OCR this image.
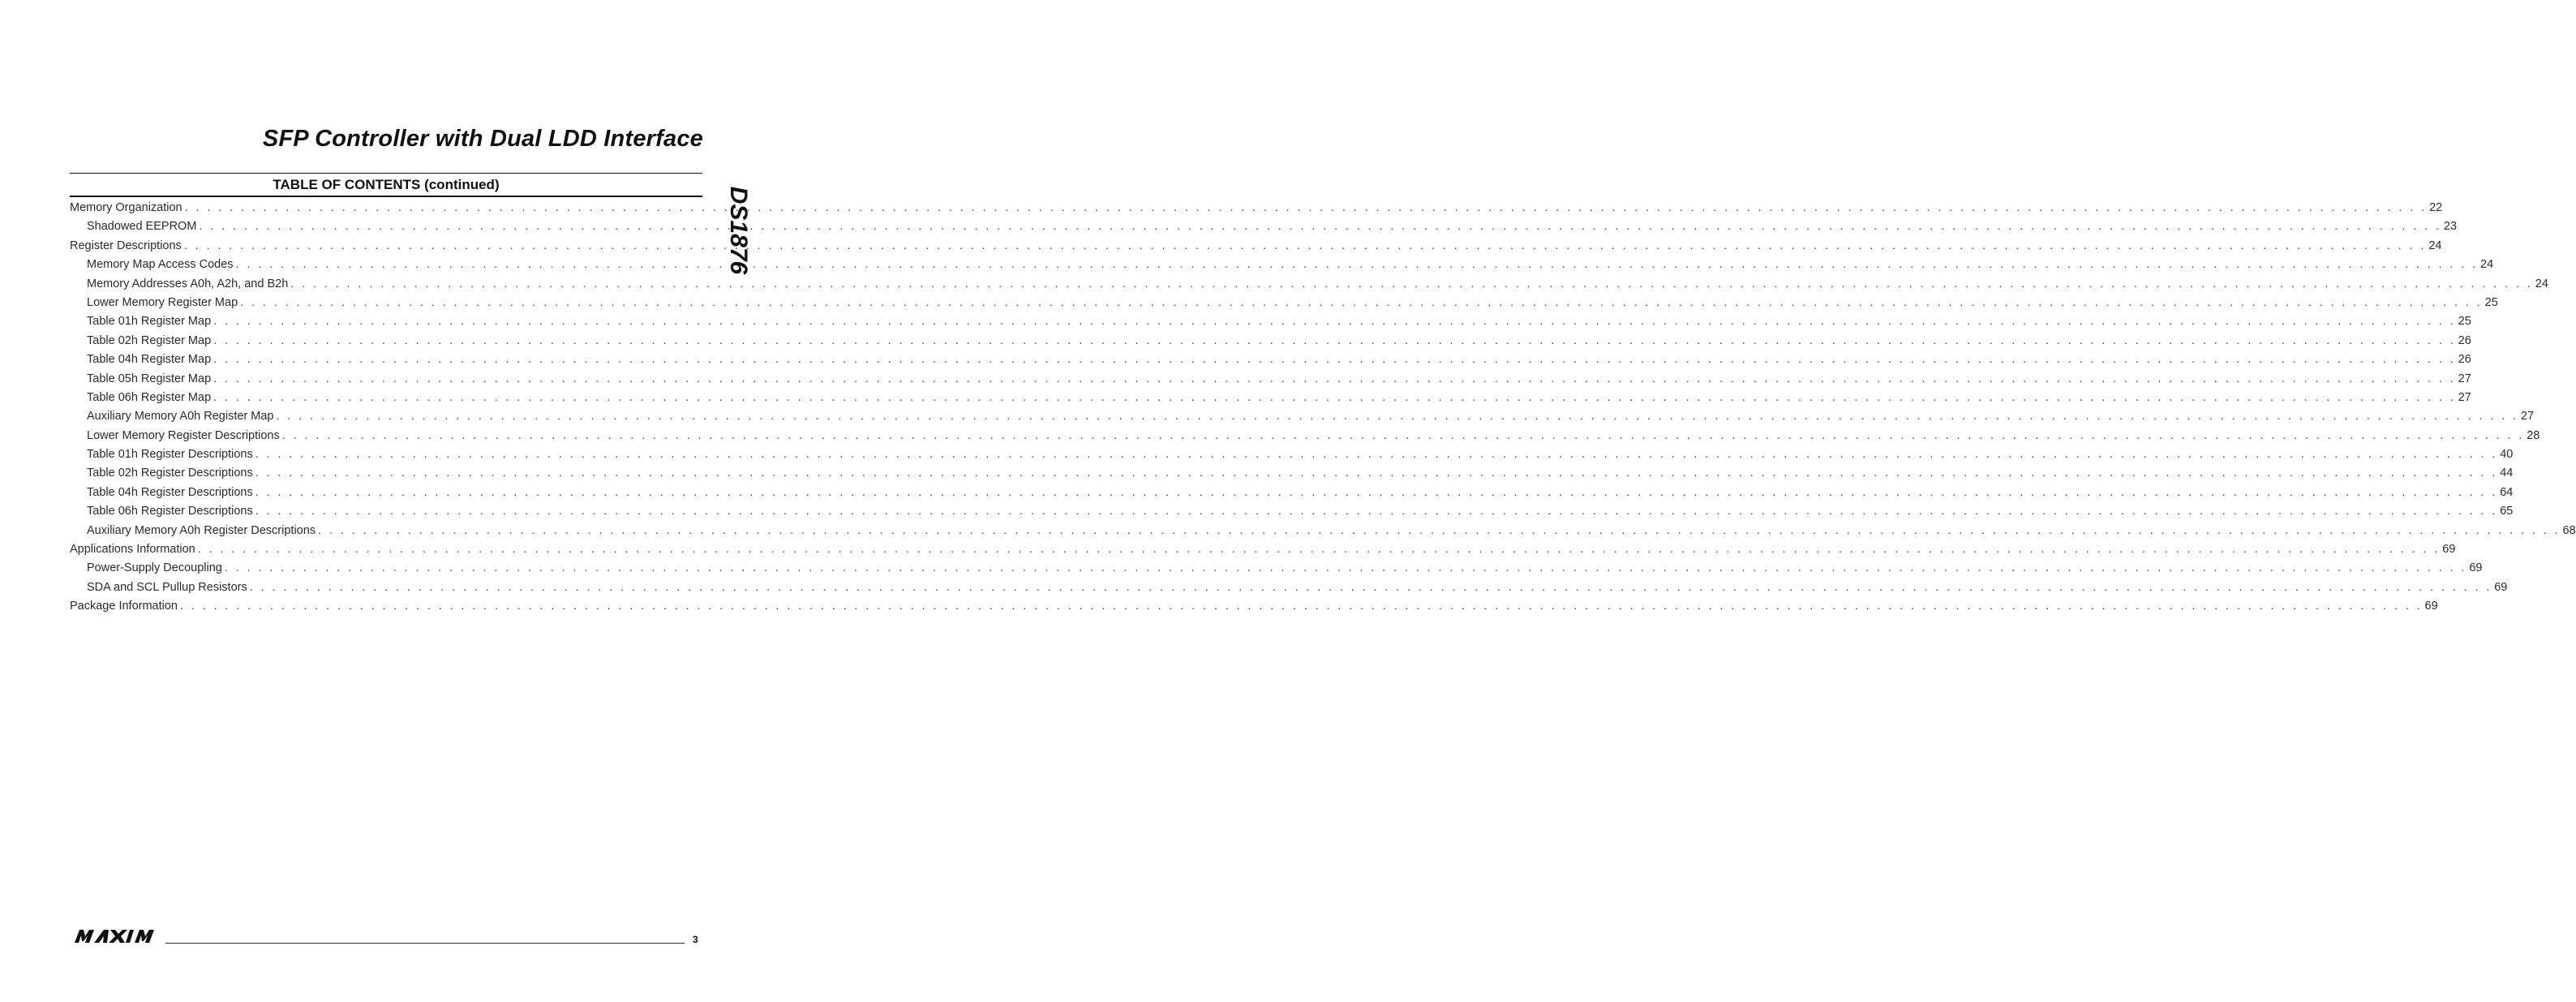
SFP Controller with Dual LDD Interface
DS1876
TABLE OF CONTENTS (continued)
Memory Organization . . . . . . . . . . . . . . . . . . . . . . . . . . . . . . . . . . . . . . . . . . . . . . . . . . . . . . . . . . . . . . . . . . . . . . . . . . . . . . . . . . . . . . . . . . . . . . . . . . . . . . . . . . . . . . . . . . . . . . . . . . . . . . . . . . . . . . . . . . . . . . . . . . . . . . . . . . . . . . . . . . . . . . . . . . . . . . . . . . . . . . . . . . . . . . . . . . . . . . . . 22
Shadowed EEPROM . . . . . . . . . . . . . . . . . . . . . . . . . . . . . . . . . . . . . . . . . . . . . . . . . . . . . . . . . . . . . . . . . . . . . . . . . . . . . . . . . . . . . . . . . . . . . . . . . . . . . . . . . . . . . . . . . . . . . . . . . . . . . . . . . . . . . . . . . . . . . . . . . . . . . . . . . . . . . . . . . . . . . . . . . . . . . . . . . . . . . . . . . . . . . . . . . . . . . . . . 23
Register Descriptions . . . . . . . . . . . . . . . . . . . . . . . . . . . . . . . . . . . . . . . . . . . . . . . . . . . . . . . . . . . . . . . . . . . . . . . . . . . . . . . . . . . . . . . . . . . . . . . . . . . . . . . . . . . . . . . . . . . . . . . . . . . . . . . . . . . . . . . . . . . . . . . . . . . . . . . . . . . . . . . . . . . . . . . . . . . . . . . . . . . . . . . . . . . . . . . . . . . . . . . . 24
Memory Map Access Codes . . . . . . . . . . . . . . . . . . . . . . . . . . . . . . . . . . . . . . . . . . . . . . . . . . . . . . . . . . . . . . . . . . . . . . . . . . . . . . . . . . . . . . . . . . . . . . . . . . . . . . . . . . . . . . . . . . . . . . . . . . . . . . . . . . . . . . . . . . . . . . . . . . . . . . . . . . . . . . . . . . . . . . . . . . . . . . . . . . . . . . . . . . . . . . . . . . . . . . . . 24
Memory Addresses A0h, A2h, and B2h . . . . . . . . . . . . . . . . . . . . . . . . . . . . . . . . . . . . . . . . . . . . . . . . . . . . . . . . . . . . . . . . . . . . . . . . . . . . . . . . . . . . . . . . . . . . . . . . . . . . . . . . . . . . . . . . . . . . . . . . . . . . . . . . . . . . . . . . . . . . . . . . . . . . . . . . . . . . . . . . . . . . . . . . . . . . . . . . . . . . . . . . . . . . . . . . . . . . . . . . 24
Lower Memory Register Map . . . . . . . . . . . . . . . . . . . . . . . . . . . . . . . . . . . . . . . . . . . . . . . . . . . . . . . . . . . . . . . . . . . . . . . . . . . . . . . . . . . . . . . . . . . . . . . . . . . . . . . . . . . . . . . . . . . . . . . . . . . . . . . . . . . . . . . . . . . . . . . . . . . . . . . . . . . . . . . . . . . . . . . . . . . . . . . . . . . . . . . . . . . . . . . . . . . . . . . . 25
Table 01h Register Map . . . . . . . . . . . . . . . . . . . . . . . . . . . . . . . . . . . . . . . . . . . . . . . . . . . . . . . . . . . . . . . . . . . . . . . . . . . . . . . . . . . . . . . . . . . . . . . . . . . . . . . . . . . . . . . . . . . . . . . . . . . . . . . . . . . . . . . . . . . . . . . . . . . . . . . . . . . . . . . . . . . . . . . . . . . . . . . . . . . . . . . . . . . . . . . . . . . . . . . . 25
Table 02h Register Map . . . . . . . . . . . . . . . . . . . . . . . . . . . . . . . . . . . . . . . . . . . . . . . . . . . . . . . . . . . . . . . . . . . . . . . . . . . . . . . . . . . . . . . . . . . . . . . . . . . . . . . . . . . . . . . . . . . . . . . . . . . . . . . . . . . . . . . . . . . . . . . . . . . . . . . . . . . . . . . . . . . . . . . . . . . . . . . . . . . . . . . . . . . . . . . . . . . . . . . . 26
Table 04h Register Map . . . . . . . . . . . . . . . . . . . . . . . . . . . . . . . . . . . . . . . . . . . . . . . . . . . . . . . . . . . . . . . . . . . . . . . . . . . . . . . . . . . . . . . . . . . . . . . . . . . . . . . . . . . . . . . . . . . . . . . . . . . . . . . . . . . . . . . . . . . . . . . . . . . . . . . . . . . . . . . . . . . . . . . . . . . . . . . . . . . . . . . . . . . . . . . . . . . . . . . . 26
Table 05h Register Map . . . . . . . . . . . . . . . . . . . . . . . . . . . . . . . . . . . . . . . . . . . . . . . . . . . . . . . . . . . . . . . . . . . . . . . . . . . . . . . . . . . . . . . . . . . . . . . . . . . . . . . . . . . . . . . . . . . . . . . . . . . . . . . . . . . . . . . . . . . . . . . . . . . . . . . . . . . . . . . . . . . . . . . . . . . . . . . . . . . . . . . . . . . . . . . . . . . . . . . . 27
Table 06h Register Map . . . . . . . . . . . . . . . . . . . . . . . . . . . . . . . . . . . . . . . . . . . . . . . . . . . . . . . . . . . . . . . . . . . . . . . . . . . . . . . . . . . . . . . . . . . . . . . . . . . . . . . . . . . . . . . . . . . . . . . . . . . . . . . . . . . . . . . . . . . . . . . . . . . . . . . . . . . . . . . . . . . . . . . . . . . . . . . . . . . . . . . . . . . . . . . . . . . . . . . . 27
Auxiliary Memory A0h Register Map . . . . . . . . . . . . . . . . . . . . . . . . . . . . . . . . . . . . . . . . . . . . . . . . . . . . . . . . . . . . . . . . . . . . . . . . . . . . . . . . . . . . . . . . . . . . . . . . . . . . . . . . . . . . . . . . . . . . . . . . . . . . . . . . . . . . . . . . . . . . . . . . . . . . . . . . . . . . . . . . . . . . . . . . . . . . . . . . . . . . . . . . . . . . . . . . . . . . . . . . 27
Lower Memory Register Descriptions . . . . . . . . . . . . . . . . . . . . . . . . . . . . . . . . . . . . . . . . . . . . . . . . . . . . . . . . . . . . . . . . . . . . . . . . . . . . . . . . . . . . . . . . . . . . . . . . . . . . . . . . . . . . . . . . . . . . . . . . . . . . . . . . . . . . . . . . . . . . . . . . . . . . . . . . . . . . . . . . . . . . . . . . . . . . . . . . . . . . . . . . . . . . . . . . . . . . . . . . 28
Table 01h Register Descriptions . . . . . . . . . . . . . . . . . . . . . . . . . . . . . . . . . . . . . . . . . . . . . . . . . . . . . . . . . . . . . . . . . . . . . . . . . . . . . . . . . . . . . . . . . . . . . . . . . . . . . . . . . . . . . . . . . . . . . . . . . . . . . . . . . . . . . . . . . . . . . . . . . . . . . . . . . . . . . . . . . . . . . . . . . . . . . . . . . . . . . . . . . . . . . . . . . . . . . . . . 40
Table 02h Register Descriptions . . . . . . . . . . . . . . . . . . . . . . . . . . . . . . . . . . . . . . . . . . . . . . . . . . . . . . . . . . . . . . . . . . . . . . . . . . . . . . . . . . . . . . . . . . . . . . . . . . . . . . . . . . . . . . . . . . . . . . . . . . . . . . . . . . . . . . . . . . . . . . . . . . . . . . . . . . . . . . . . . . . . . . . . . . . . . . . . . . . . . . . . . . . . . . . . . . . . . . . . 44
Table 04h Register Descriptions . . . . . . . . . . . . . . . . . . . . . . . . . . . . . . . . . . . . . . . . . . . . . . . . . . . . . . . . . . . . . . . . . . . . . . . . . . . . . . . . . . . . . . . . . . . . . . . . . . . . . . . . . . . . . . . . . . . . . . . . . . . . . . . . . . . . . . . . . . . . . . . . . . . . . . . . . . . . . . . . . . . . . . . . . . . . . . . . . . . . . . . . . . . . . . . . . . . . . . . . 64
Table 06h Register Descriptions . . . . . . . . . . . . . . . . . . . . . . . . . . . . . . . . . . . . . . . . . . . . . . . . . . . . . . . . . . . . . . . . . . . . . . . . . . . . . . . . . . . . . . . . . . . . . . . . . . . . . . . . . . . . . . . . . . . . . . . . . . . . . . . . . . . . . . . . . . . . . . . . . . . . . . . . . . . . . . . . . . . . . . . . . . . . . . . . . . . . . . . . . . . . . . . . . . . . . . . . 65
Auxiliary Memory A0h Register Descriptions . . . . . . . . . . . . . . . . . . . . . . . . . . . . . . . . . . . . . . . . . . . . . . . . . . . . . . . . . . . . . . . . . . . . . . . . . . . . . . . . . . . . . . . . . . . . . . . . . . . . . . . . . . . . . . . . . . . . . . . . . . . . . . . . . . . . . . . . . . . . . . . . . . . . . . . . . . . . . . . . . . . . . . . . . . . . . . . . . . . . . . . . . . . . . . . . . . . . . . . . 68
Applications Information . . . . . . . . . . . . . . . . . . . . . . . . . . . . . . . . . . . . . . . . . . . . . . . . . . . . . . . . . . . . . . . . . . . . . . . . . . . . . . . . . . . . . . . . . . . . . . . . . . . . . . . . . . . . . . . . . . . . . . . . . . . . . . . . . . . . . . . . . . . . . . . . . . . . . . . . . . . . . . . . . . . . . . . . . . . . . . . . . . . . . . . . . . . . . . . . . . . . . . . . 69
Power-Supply Decoupling . . . . . . . . . . . . . . . . . . . . . . . . . . . . . . . . . . . . . . . . . . . . . . . . . . . . . . . . . . . . . . . . . . . . . . . . . . . . . . . . . . . . . . . . . . . . . . . . . . . . . . . . . . . . . . . . . . . . . . . . . . . . . . . . . . . . . . . . . . . . . . . . . . . . . . . . . . . . . . . . . . . . . . . . . . . . . . . . . . . . . . . . . . . . . . . . . . . . . . . . 69
SDA and SCL Pullup Resistors . . . . . . . . . . . . . . . . . . . . . . . . . . . . . . . . . . . . . . . . . . . . . . . . . . . . . . . . . . . . . . . . . . . . . . . . . . . . . . . . . . . . . . . . . . . . . . . . . . . . . . . . . . . . . . . . . . . . . . . . . . . . . . . . . . . . . . . . . . . . . . . . . . . . . . . . . . . . . . . . . . . . . . . . . . . . . . . . . . . . . . . . . . . . . . . . . . . . . . . . 69
Package Information . . . . . . . . . . . . . . . . . . . . . . . . . . . . . . . . . . . . . . . . . . . . . . . . . . . . . . . . . . . . . . . . . . . . . . . . . . . . . . . . . . . . . . . . . . . . . . . . . . . . . . . . . . . . . . . . . . . . . . . . . . . . . . . . . . . . . . . . . . . . . . . . . . . . . . . . . . . . . . . . . . . . . . . . . . . . . . . . . . . . . . . . . . . . . . . . . . . . . . . . 69
3
